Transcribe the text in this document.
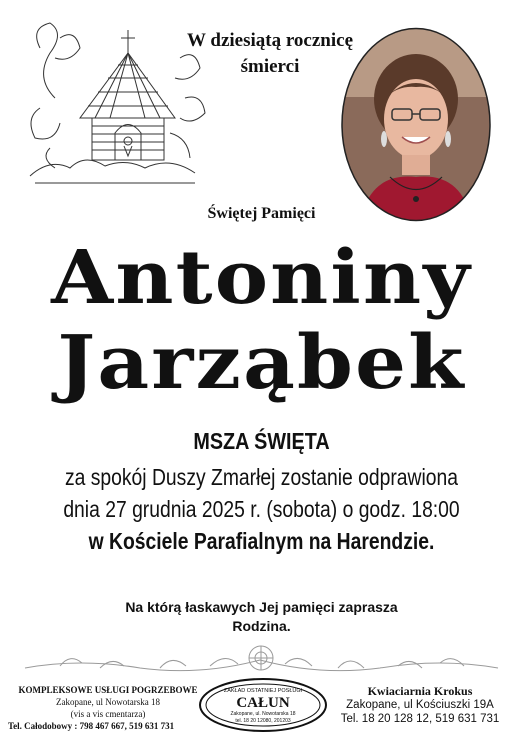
W dziesiątą rocznicę
śmierci
Świętej Pamięci
Antoniny
Jarząbek
MSZA ŚWIĘTA
za spokój Duszy Zmarłej zostanie odprawiona
dnia 27 grudnia 2025 r. (sobota) o godz. 18:00
w Kościele Parafialnym na Harendzie.
Na którą łaskawych Jej pamięci zaprasza
Rodzina.
KOMPLEKSOWE USŁUGI POGRZEBOWE
Zakopane, ul Nowotarska 18
(vis a vis cmentarza)
Tel. Całodobowy : 798 467 667, 519 631 731
ZAKŁAD OSTATNIEJ POSŁUGI
CAŁUN
Zakopane, ul. Nowotarska 18
tel. 18 20 12080, 201203
Kwiaciarnia Krokus
Zakopane, ul Kościuszki 19A
Tel. 18 20 128 12, 519 631 731
